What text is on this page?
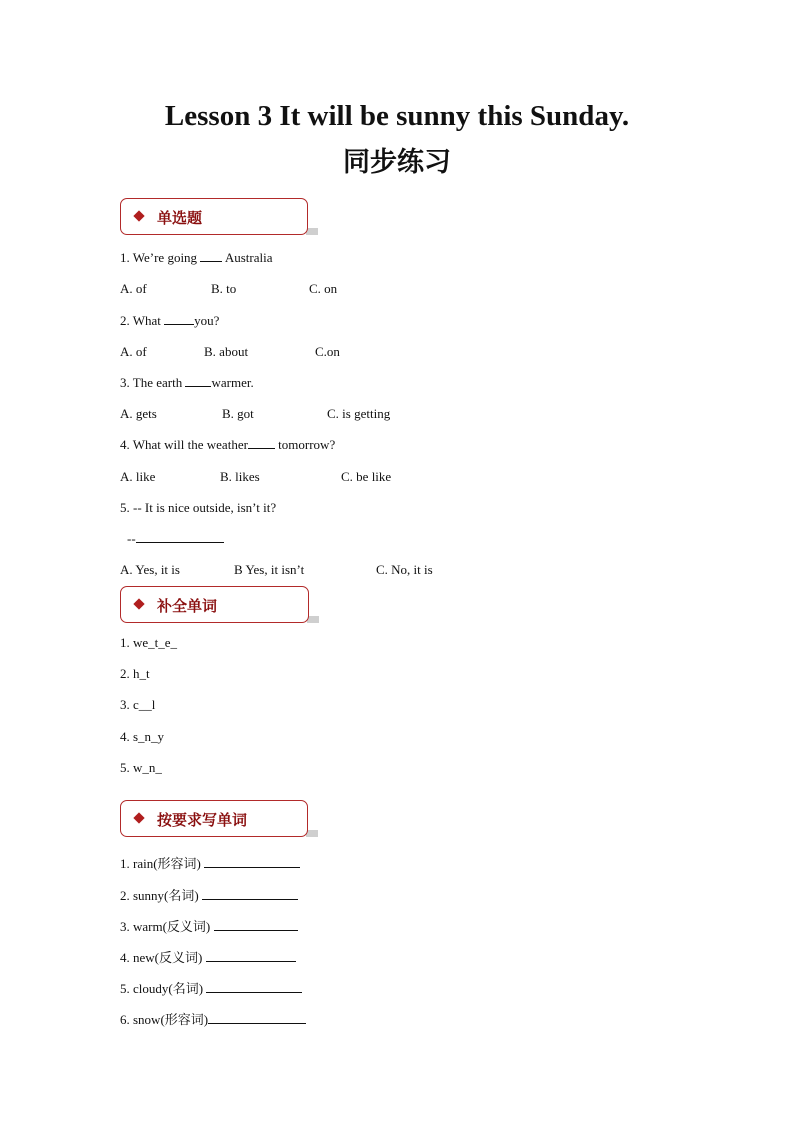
Lesson 3 It will be sunny this Sunday.
同步练习
单选题
1. We’re going  Australia
A. of	B. to	C. on
2. What you?
A. of	B. about	C.on
3. The earth warmer.
A. gets	B. got	C. is getting
4. What will the weather tomorrow?
A. like	B. likes	C. be like
5. -- It is nice outside, isn’t it?
--
A. Yes, it is	B Yes, it isn’t	C. No, it is
补全单词
1. we_t_e_
2. h_t
3. c__l
4. s_n_y
5. w_n_
按要求写单词
1. rain(形容词)
2. sunny(名词)
3. warm(反义词)
4. new(反义词)
5. cloudy(名词)
6. snow(形容词)
